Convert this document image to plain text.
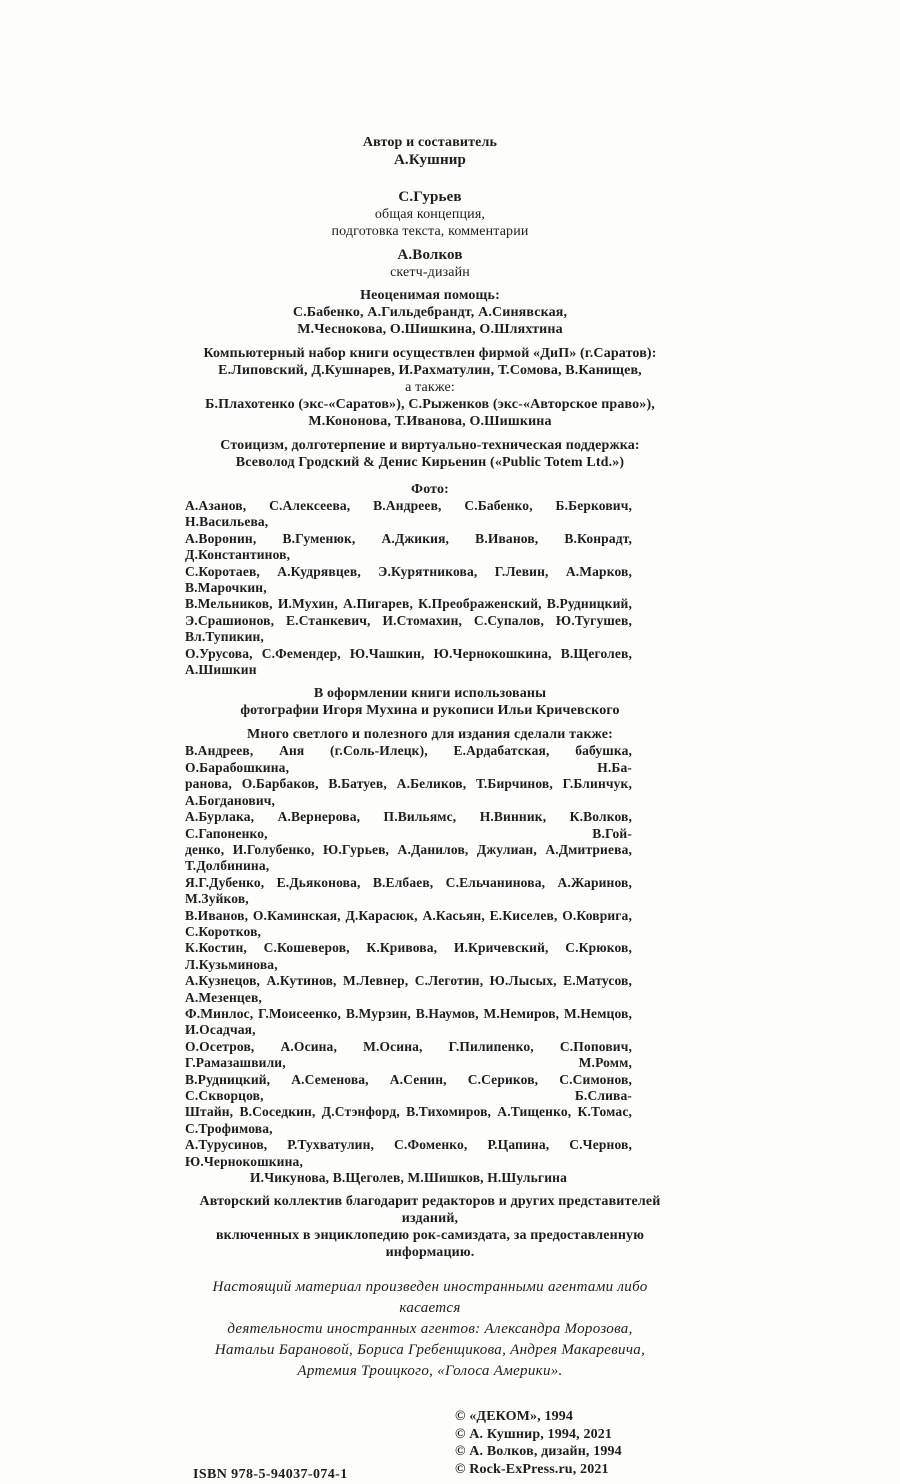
Автор и составитель
А.Кушнир
С.Гурьев
общая концепция,
подготовка текста, комментарии
А.Волков
скетч-дизайн
Неоценимая помощь:
С.Бабенко, А.Гильдебрандт, А.Синявская,
М.Чеснокова, О.Шишкина, О.Шляхтина
Компьютерный набор книги осуществлен фирмой «ДиП» (г.Саратов):
Е.Липовский, Д.Кушнарев, И.Рахматулин, Т.Сомова, В.Канищев,
а также:
Б.Плахотенко (экс-«Саратов»), С.Рыженков (экс-«Авторское право»),
М.Кононова, Т.Иванова, О.Шишкина
Стоицизм, долготерпение и виртуально-техническая поддержка:
Всеволод Гродский & Денис Кирьенин («Public Totem Ltd.»)
Фото:
А.Азанов, С.Алексеева, В.Андреев, С.Бабенко, Б.Беркович, Н.Васильева,
А.Воронин, В.Гуменюк, А.Джикия, В.Иванов, В.Конрадт, Д.Константинов,
С.Коротаев, А.Кудрявцев, Э.Курятникова, Г.Левин, А.Марков, В.Марочкин,
В.Мельников, И.Мухин, А.Пигарев, К.Преображенский, В.Рудницкий,
Э.Срашионов, Е.Станкевич, И.Стомахин, С.Супалов, Ю.Тугушев, Вл.Тупикин,
О.Урусова, С.Фемендер, Ю.Чашкин, Ю.Чернокошкина, В.Щеголев, А.Шишкин
В оформлении книги использованы
фотографии Игоря Мухина и рукописи Ильи Кричевского
Много светлого и полезного для издания сделали также:
В.Андреев, Аня (г.Соль-Илецк), Е.Ардабатская, бабушка, О.Барабошкина, Н.Ба-
ранова, О.Барбаков, В.Батуев, А.Беликов, Т.Бирчинов, Г.Блинчук, А.Богданович,
А.Бурлака, А.Вернерова, П.Вильямс, Н.Винник, К.Волков, С.Гапоненко, В.Гой-
денко, И.Голубенко, Ю.Гурьев, А.Данилов, Джулиан, А.Дмитриева, Т.Долбинина,
Я.Г.Дубенко, Е.Дьяконова, В.Елбаев, С.Ельчанинова, А.Жаринов, М.Зуйков,
В.Иванов, О.Каминская, Д.Карасюк, А.Касьян, Е.Киселев, О.Коврига, С.Коротков,
К.Костин, С.Кошеверов, К.Кривова, И.Кричевский, С.Крюков, Л.Кузьминова,
А.Кузнецов, А.Кутинов, М.Левнер, С.Леготин, Ю.Лысых, Е.Матусов, А.Мезенцев,
Ф.Минлос, Г.Моисеенко, В.Мурзин, В.Наумов, М.Немиров, М.Немцов, И.Осадчая,
О.Осетров, А.Осина, М.Осина, Г.Пилипенко, С.Попович, Г.Рамазашвили, М.Ромм,
В.Рудницкий, А.Семенова, А.Сенин, С.Сериков, С.Симонов, С.Скворцов, Б.Слива-
Штайн, В.Соседкин, Д.Стэнфорд, В.Тихомиров, А.Тищенко, К.Томас, С.Трофимова,
А.Турусинов, Р.Тухватулин, С.Фоменко, Р.Цапина, С.Чернов, Ю.Чернокошкина,
И.Чикунова, В.Щеголев, М.Шишков, Н.Шульгина
Авторский коллектив благодарит редакторов и других представителей изданий,
включенных в энциклопедию рок-самиздата, за предоставленную информацию.
Настоящий материал произведен иностранными агентами либо касается
деятельности иностранных агентов: Александра Морозова,
Натальи Барановой, Бориса Гребенщикова, Андрея Макаревича,
Артемия Троицкого, «Голоса Америки».
© «ДЕКОМ», 1994
© А. Кушнир, 1994, 2021
© А. Волков, дизайн, 1994
© Rock-ExPress.ru, 2021
ISBN 978-5-94037-074-1
